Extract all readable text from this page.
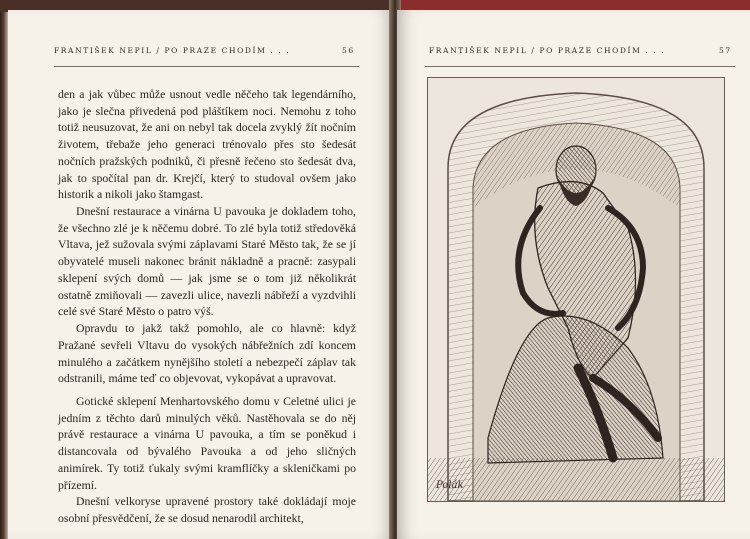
FRANTIŠEK NEPIL / PO PRAZE CHODÍM . . .	56

den a jak vůbec může usnout vedle něčeho tak legendárního, jako je slečna přivedená pod pláštíkem noci. Nemohu z toho totiž neusuzovat, že ani on nebyl tak docela zvyklý žít nočním životem, třebaže jeho generaci trénovalo přes sto šedesát nočních pražských podniků, či přesně řečeno sto šedesát dva, jak to spočítal pan dr. Krejčí, který to studoval ovšem jako historik a nikoli jako štamgast.

Dnešní restaurace a vinárna U pavouka je dokladem toho, že všechno zlé je k něčemu dobré. To zlé byla totiž středověká Vltava, jež sužovala svými záplavami Staré Město tak, že se jí obyvatelé museli nakonec bránit nákladně a pracně: zasypali sklepení svých domů — jak jsme se o tom již několikrát ostatně zmiňovali — zavezli ulice, navezli nábřeží a vyzdvihli celé své Staré Město o patro výš.

Opravdu to jakž takž pomohlo, ale co hlavně: když Pražané sevřeli Vltavu do vysokých nábřežních zdí koncem minulého a začátkem nynějšího století a nebezpečí záplav tak odstranili, máme teď co objevovat, vykopávat a upravovat.

Gotické sklepení Menhartovského domu v Celetné ulici je jedním z těchto darů minulých věků. Nastěhovala se do něj právě restaurace a vinárna U pavouka, a tím se poněkud i distancovala od bývalého Pavouka a od jeho sličných animírek. Ty totiž ťukaly svými kramflíčky a skleničkami po přízemí.

Dnešní velkoryse upravené prostory také dokládají moje osobní přesvědčení, že se dosud nenarodil architekt,

FRANTIŠEK NEPIL / PO PRAZE CHODÍM . . .	57
Polák
